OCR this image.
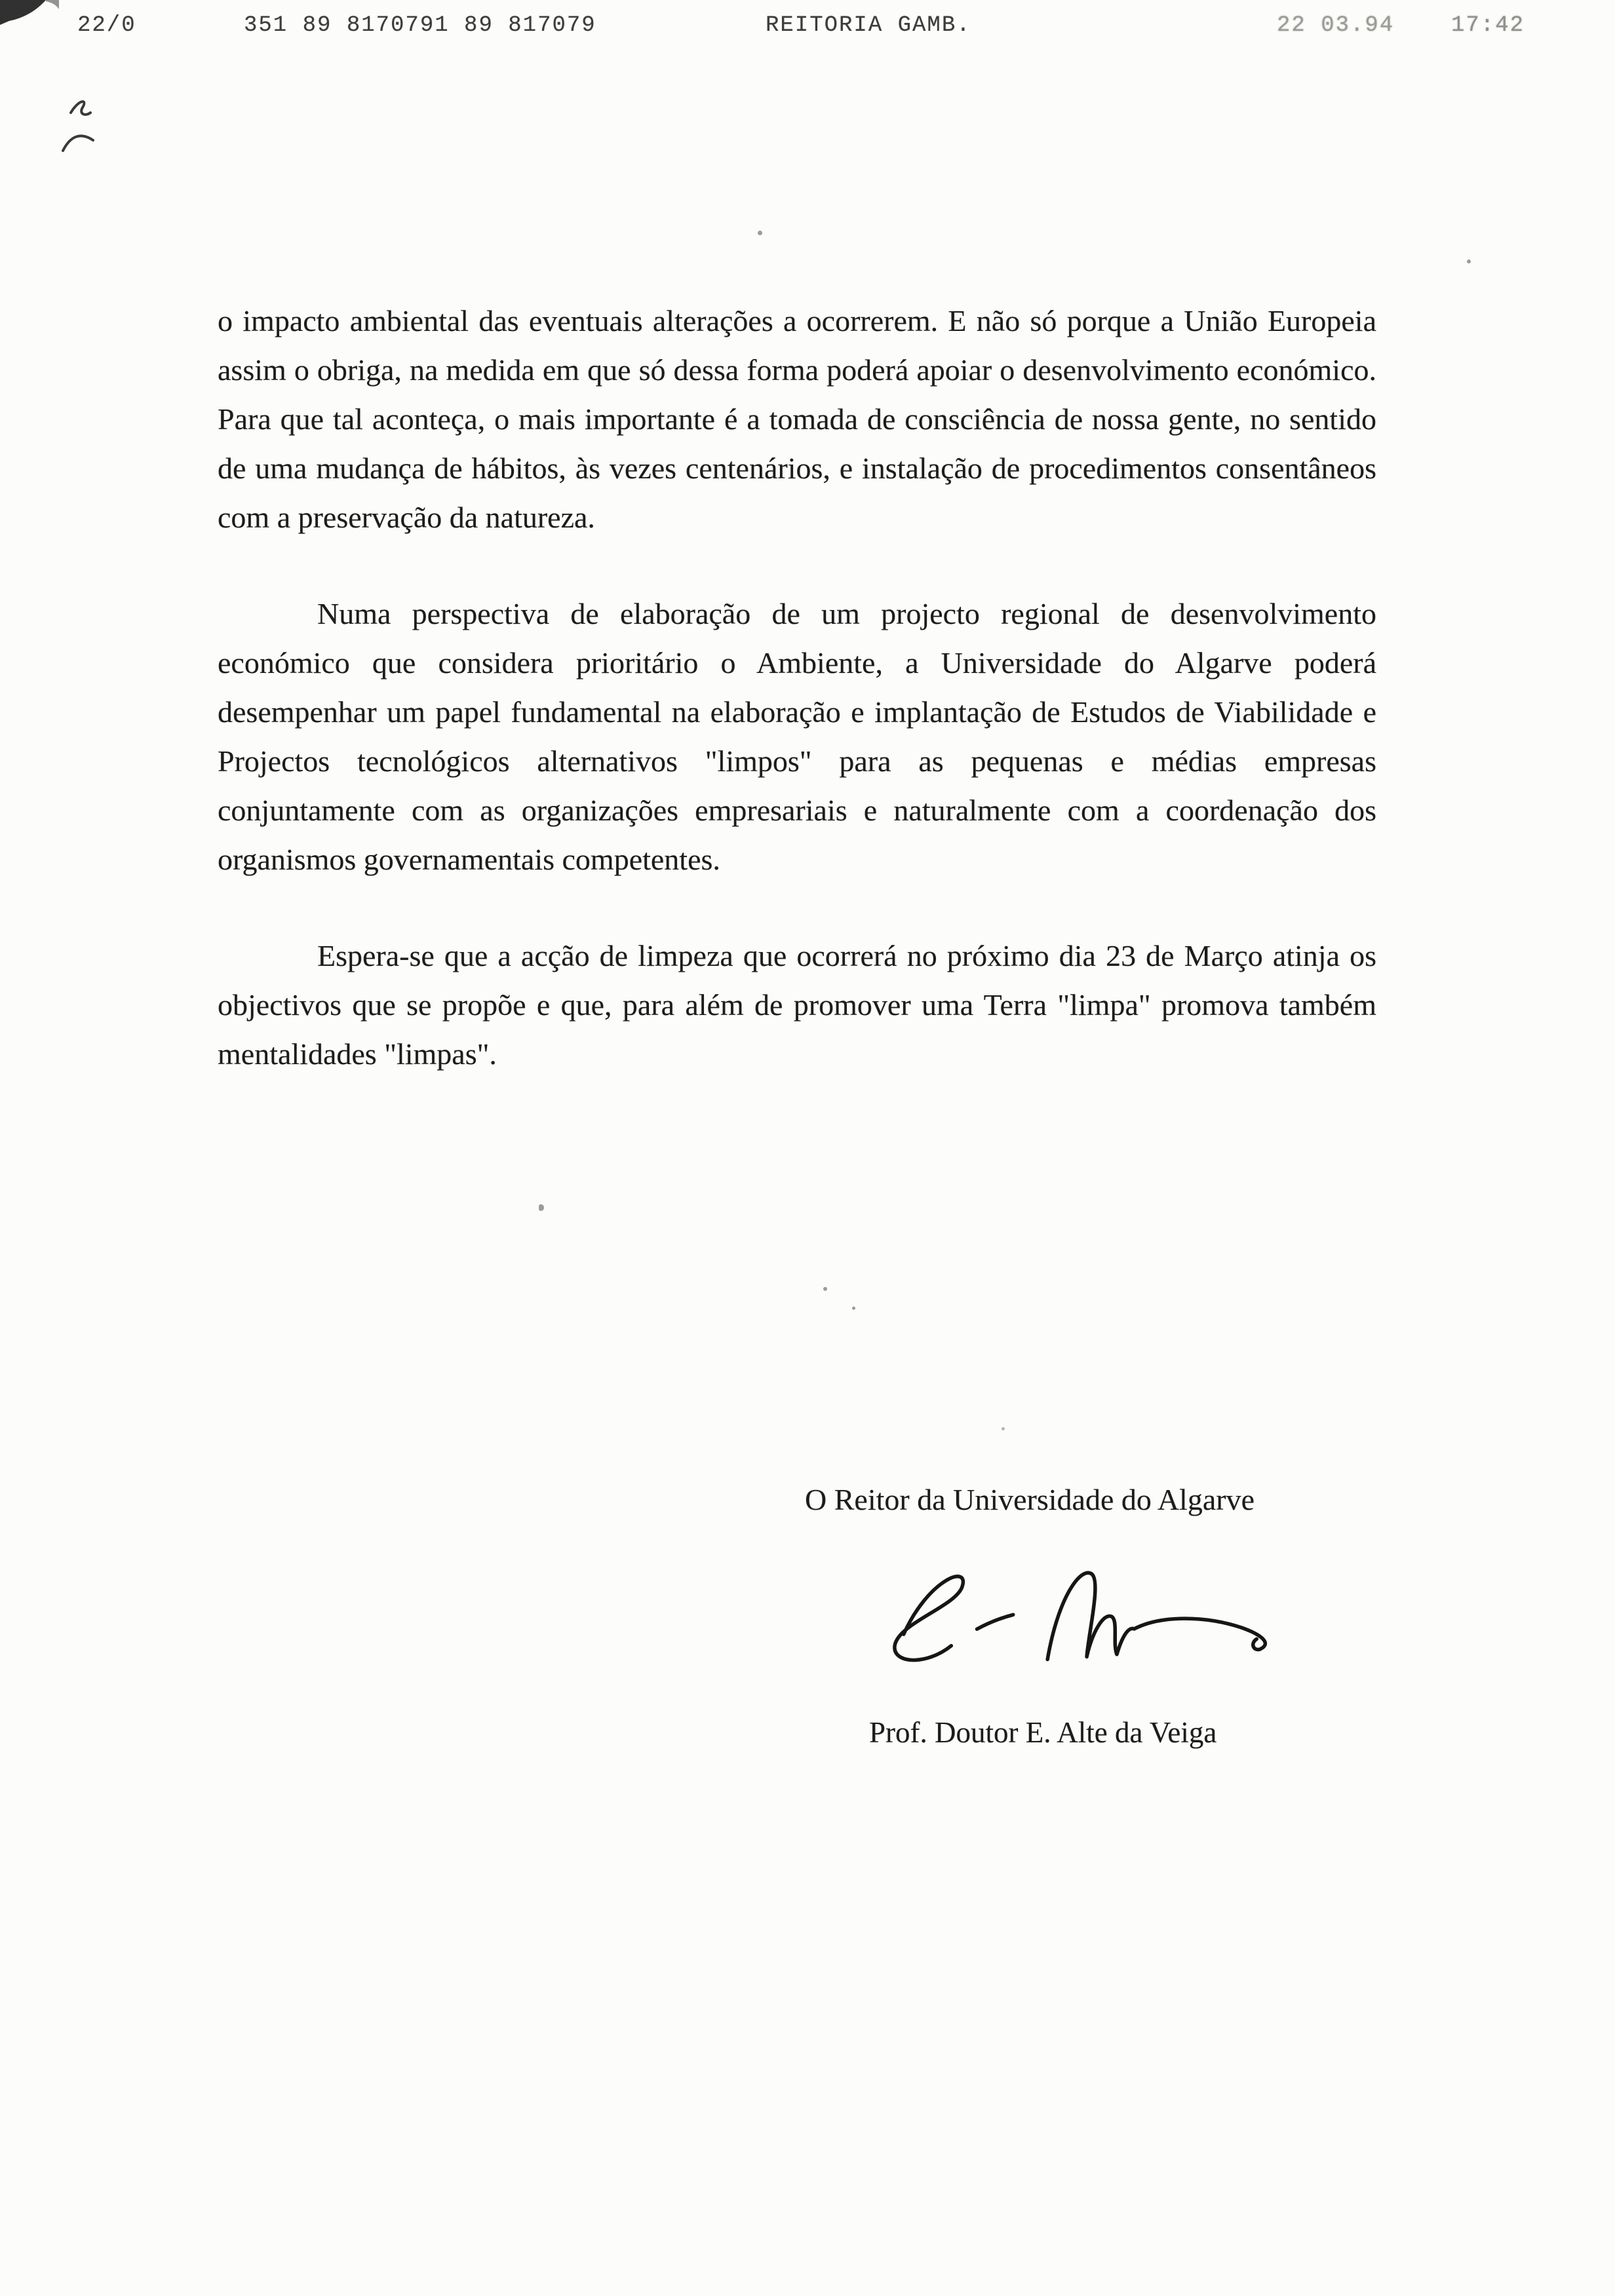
22/0	351 89 8170791 89 817079	REITORIA GAMB.	22 03.94	17:42

o impacto ambiental das eventuais alterações a ocorrerem. E não só porque a União Europeia assim o obriga, na medida em que só dessa forma poderá apoiar o desenvolvimento económico. Para que tal aconteça, o mais importante é a tomada de consciência de nossa gente, no sentido de uma mudança de hábitos, às vezes centenários, e instalação de procedimentos consentâneos com a preservação da natureza.

Numa perspectiva de elaboração de um projecto regional de desenvolvimento económico que considera prioritário o Ambiente, a Universidade do Algarve poderá desempenhar um papel fundamental na elaboração e implantação de Estudos de Viabilidade e Projectos tecnológicos alternativos "limpos" para as pequenas e médias empresas conjuntamente com as organizações empresariais e naturalmente com a coordenação dos organismos governamentais competentes.

Espera-se que a acção de limpeza que ocorrerá no próximo dia 23 de Março atinja os objectivos que se propõe e que, para além de promover uma Terra "limpa" promova também mentalidades "limpas".

O Reitor da Universidade do Algarve
Prof. Doutor E. Alte da Veiga
